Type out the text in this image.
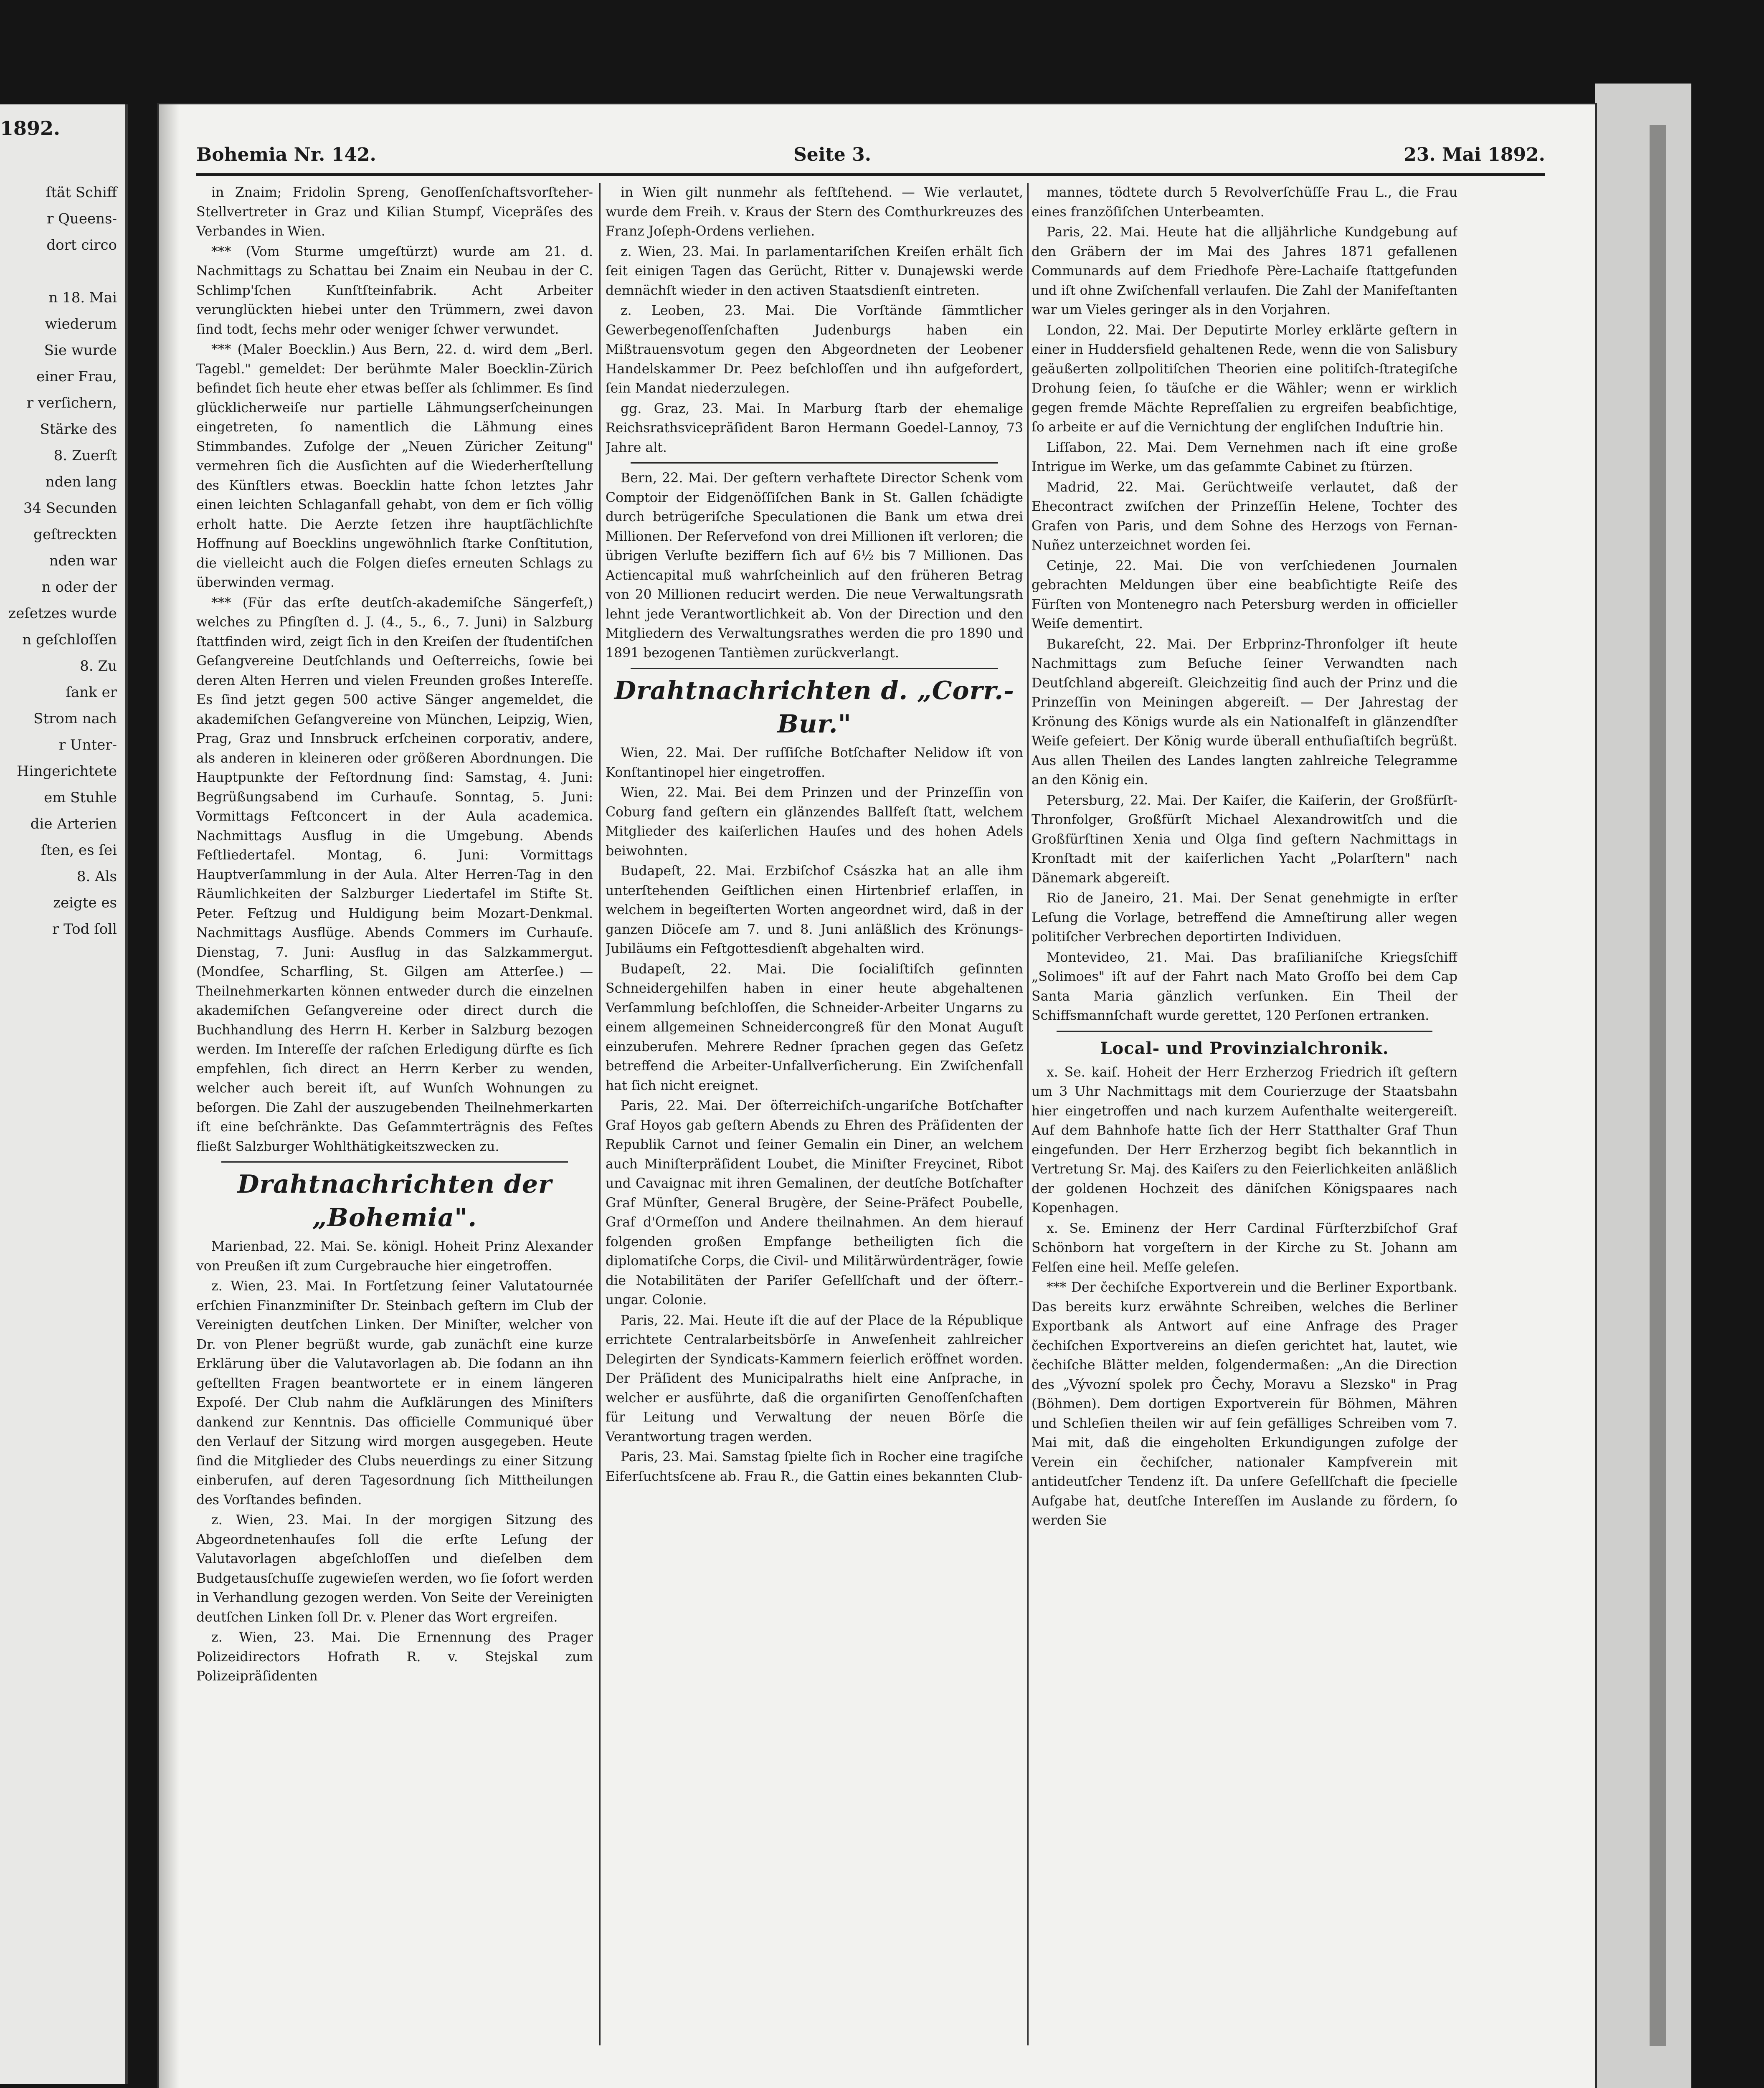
1892.
ſtät Schiff
r Queens-
dort circo

n 18. Mai
wiederum
Sie wurde
einer Frau,
r verſichern,
Stärke des
8. Zuerſt
nden lang
34 Secunden
geſtreckten
nden war
n oder der
zeſetzes wurde
n geſchloſſen
8. Zu
ſank er
Strom nach
r Unter-
Hingerichtete
em Stuhle
die Arterien
ſten, es ſei
8. Als
zeigte es
r Tod ſoll
Bohemia Nr. 142.	Seite 3.	23. Mai 1892.

in Znaim; Fridolin Spreng, Genoſſenſchaftsvorſteher-Stellvertreter in Graz und Kilian Stumpf, Vicepräſes des Verbandes in Wien.

*** (Vom Sturme umgeſtürzt) wurde am 21. d. Nachmittags zu Schattau bei Znaim ein Neubau in der C. Schlimp'ſchen Kunſtſteinfabrik. Acht Arbeiter verunglückten hiebei unter den Trümmern, zwei davon ſind todt, ſechs mehr oder weniger ſchwer verwundet.

*** (Maler Boecklin.) Aus Bern, 22. d. wird dem „Berl. Tagebl." gemeldet: Der berühmte Maler Boecklin-Zürich befindet ſich heute eher etwas beſſer als ſchlimmer. Es ſind glücklicherweiſe nur partielle Lähmungserſcheinungen eingetreten, ſo namentlich die Lähmung eines Stimmbandes. Zufolge der „Neuen Züricher Zeitung" vermehren ſich die Ausſichten auf die Wiederherſtellung des Künſtlers etwas. Boecklin hatte ſchon letztes Jahr einen leichten Schlaganfall gehabt, von dem er ſich völlig erholt hatte. Die Aerzte ſetzen ihre hauptſächlichſte Hoffnung auf Boecklins ungewöhnlich ſtarke Conſtitution, die vielleicht auch die Folgen dieſes erneuten Schlags zu überwinden vermag.

*** (Für das erſte deutſch-akademiſche Sängerfeſt,) welches zu Pfingſten d. J. (4., 5., 6., 7. Juni) in Salzburg ſtattfinden wird, zeigt ſich in den Kreiſen der ſtudentiſchen Geſangvereine Deutſchlands und Oeſterreichs, ſowie bei deren Alten Herren und vielen Freunden großes Intereſſe. Es ſind jetzt gegen 500 active Sänger angemeldet, die akademiſchen Geſangvereine von München, Leipzig, Wien, Prag, Graz und Innsbruck erſcheinen corporativ, andere, als anderen in kleineren oder größeren Abordnungen. Die Hauptpunkte der Feſtordnung ſind: Samstag, 4. Juni: Begrüßungsabend im Curhauſe. Sonntag, 5. Juni: Vormittags Feſtconcert in der Aula academica. Nachmittags Ausflug in die Umgebung. Abends Feſtliedertafel. Montag, 6. Juni: Vormittags Hauptverſammlung in der Aula. Alter Herren-Tag in den Räumlichkeiten der Salzburger Liedertafel im Stifte St. Peter. Feſtzug und Huldigung beim Mozart-Denkmal. Nachmittags Ausflüge. Abends Commers im Curhauſe. Dienstag, 7. Juni: Ausflug in das Salzkammergut. (Mondſee, Scharfling, St. Gilgen am Atterſee.) — Theilnehmerkarten können entweder durch die einzelnen akademiſchen Geſangvereine oder direct durch die Buchhandlung des Herrn H. Kerber in Salzburg bezogen werden. Im Intereſſe der raſchen Erledigung dürfte es ſich empfehlen, ſich direct an Herrn Kerber zu wenden, welcher auch bereit iſt, auf Wunſch Wohnungen zu beſorgen. Die Zahl der auszugebenden Theilnehmerkarten iſt eine beſchränkte. Das Geſammterträgnis des Feſtes fließt Salzburger Wohlthätigkeitszwecken zu.

Drahtnachrichten der „Bohemia".

Marienbad, 22. Mai. Se. königl. Hoheit Prinz Alexander von Preußen iſt zum Curgebrauche hier eingetroffen.

z. Wien, 23. Mai. In Fortſetzung ſeiner Valutatournée erſchien Finanzminiſter Dr. Steinbach geſtern im Club der Vereinigten deutſchen Linken. Der Miniſter, welcher von Dr. von Plener begrüßt wurde, gab zunächſt eine kurze Erklärung über die Valutavorlagen ab. Die ſodann an ihn geſtellten Fragen beantwortete er in einem längeren Expoſé. Der Club nahm die Aufklärungen des Miniſters dankend zur Kenntnis. Das officielle Communiqué über den Verlauf der Sitzung wird morgen ausgegeben. Heute ſind die Mitglieder des Clubs neuerdings zu einer Sitzung einberufen, auf deren Tagesordnung ſich Mittheilungen des Vorſtandes befinden.

z. Wien, 23. Mai. In der morgigen Sitzung des Abgeordnetenhauſes ſoll die erſte Leſung der Valutavorlagen abgeſchloſſen und dieſelben dem Budgetausſchuſſe zugewieſen werden, wo ſie ſofort werden in Verhandlung gezogen werden. Von Seite der Vereinigten deutſchen Linken ſoll Dr. v. Plener das Wort ergreifen.

z. Wien, 23. Mai. Die Ernennung des Prager Polizeidirectors Hofrath R. v. Stejskal zum Polizeipräſidenten

in Wien gilt nunmehr als feſtſtehend. — Wie verlautet, wurde dem Freih. v. Kraus der Stern des Comthurkreuzes des Franz Joſeph-Ordens verliehen.

z. Wien, 23. Mai. In parlamentariſchen Kreiſen erhält ſich ſeit einigen Tagen das Gerücht, Ritter v. Dunajewski werde demnächſt wieder in den activen Staatsdienſt eintreten.

z. Leoben, 23. Mai. Die Vorſtände ſämmtlicher Gewerbegenoſſenſchaften Judenburgs haben ein Mißtrauensvotum gegen den Abgeordneten der Leobener Handelskammer Dr. Peez beſchloſſen und ihn aufgefordert, ſein Mandat niederzulegen.

gg. Graz, 23. Mai. In Marburg ſtarb der ehemalige Reichsrathsvicepräſident Baron Hermann Goedel-Lannoy, 73 Jahre alt.

Bern, 22. Mai. Der geſtern verhaftete Director Schenk vom Comptoir der Eidgenöſſiſchen Bank in St. Gallen ſchädigte durch betrügeriſche Speculationen die Bank um etwa drei Millionen. Der Reſervefond von drei Millionen iſt verloren; die übrigen Verluſte beziffern ſich auf 6½ bis 7 Millionen. Das Actiencapital muß wahrſcheinlich auf den früheren Betrag von 20 Millionen reducirt werden. Die neue Verwaltungsrath lehnt jede Verantwortlichkeit ab. Von der Direction und den Mitgliedern des Verwaltungsrathes werden die pro 1890 und 1891 bezogenen Tantièmen zurückverlangt.

Drahtnachrichten d. „Corr.-Bur."

Wien, 22. Mai. Der ruſſiſche Botſchafter Nelidow iſt von Konſtantinopel hier eingetroffen.

Wien, 22. Mai. Bei dem Prinzen und der Prinzeſſin von Coburg fand geſtern ein glänzendes Ballfeſt ſtatt, welchem Mitglieder des kaiſerlichen Hauſes und des hohen Adels beiwohnten.

Budapeſt, 22. Mai. Erzbiſchof Császka hat an alle ihm unterſtehenden Geiſtlichen einen Hirtenbrief erlaſſen, in welchem in begeiſterten Worten angeordnet wird, daß in der ganzen Diöceſe am 7. und 8. Juni anläßlich des Krönungs-Jubiläums ein Feſtgottesdienſt abgehalten wird.

Budapeſt, 22. Mai. Die ſocialiſtiſch geſinnten Schneidergehilfen haben in einer heute abgehaltenen Verſammlung beſchloſſen, die Schneider-Arbeiter Ungarns zu einem allgemeinen Schneidercongreß für den Monat Auguſt einzuberufen. Mehrere Redner ſprachen gegen das Geſetz betreffend die Arbeiter-Unfallverſicherung. Ein Zwiſchenfall hat ſich nicht ereignet.

Paris, 22. Mai. Der öſterreichiſch-ungariſche Botſchafter Graf Hoyos gab geſtern Abends zu Ehren des Präſidenten der Republik Carnot und ſeiner Gemalin ein Diner, an welchem auch Miniſterpräſident Loubet, die Miniſter Freycinet, Ribot und Cavaignac mit ihren Gemalinen, der deutſche Botſchafter Graf Münſter, General Brugère, der Seine-Präfect Poubelle, Graf d'Ormeſſon und Andere theilnahmen. An dem hierauf folgenden großen Empfange betheiligten ſich die diplomatiſche Corps, die Civil- und Militärwürdenträger, ſowie die Notabilitäten der Pariſer Geſellſchaft und der öſterr.-ungar. Colonie.

Paris, 22. Mai. Heute iſt die auf der Place de la République errichtete Centralarbeitsbörſe in Anweſenheit zahlreicher Delegirten der Syndicats-Kammern feierlich eröffnet worden. Der Präſident des Municipalraths hielt eine Anſprache, in welcher er ausführte, daß die organiſirten Genoſſenſchaften für Leitung und Verwaltung der neuen Börſe die Verantwortung tragen werden.

Paris, 23. Mai. Samstag ſpielte ſich in Rocher eine tragiſche Eiferſuchtsſcene ab. Frau R., die Gattin eines bekannten Club-

mannes, tödtete durch 5 Revolverſchüſſe Frau L., die Frau eines franzöſiſchen Unterbeamten.

Paris, 22. Mai. Heute hat die alljährliche Kundgebung auf den Gräbern der im Mai des Jahres 1871 gefallenen Communards auf dem Friedhofe Père-Lachaiſe ſtattgefunden und iſt ohne Zwiſchenfall verlaufen. Die Zahl der Manifeſtanten war um Vieles geringer als in den Vorjahren.

London, 22. Mai. Der Deputirte Morley erklärte geſtern in einer in Huddersfield gehaltenen Rede, wenn die von Salisbury geäußerten zollpolitiſchen Theorien eine politiſch-ſtrategiſche Drohung ſeien, ſo täuſche er die Wähler; wenn er wirklich gegen fremde Mächte Repreſſalien zu ergreifen beabſichtige, ſo arbeite er auf die Vernichtung der engliſchen Induſtrie hin.

Liſſabon, 22. Mai. Dem Vernehmen nach iſt eine große Intrigue im Werke, um das geſammte Cabinet zu ſtürzen.

Madrid, 22. Mai. Gerüchtweiſe verlautet, daß der Ehecontract zwiſchen der Prinzeſſin Helene, Tochter des Grafen von Paris, und dem Sohne des Herzogs von Fernan-Nuñez unterzeichnet worden ſei.

Cetinje, 22. Mai. Die von verſchiedenen Journalen gebrachten Meldungen über eine beabſichtigte Reiſe des Fürſten von Montenegro nach Petersburg werden in officieller Weiſe dementirt.

Bukareſcht, 22. Mai. Der Erbprinz-Thronfolger iſt heute Nachmittags zum Beſuche ſeiner Verwandten nach Deutſchland abgereiſt. Gleichzeitig ſind auch der Prinz und die Prinzeſſin von Meiningen abgereiſt. — Der Jahrestag der Krönung des Königs wurde als ein Nationalfeſt in glänzendſter Weiſe gefeiert. Der König wurde überall enthuſiaſtiſch begrüßt. Aus allen Theilen des Landes langten zahlreiche Telegramme an den König ein.

Petersburg, 22. Mai. Der Kaiſer, die Kaiſerin, der Großfürſt-Thronfolger, Großfürſt Michael Alexandrowitſch und die Großfürſtinen Xenia und Olga ſind geſtern Nachmittags in Kronſtadt mit der kaiſerlichen Yacht „Polarſtern" nach Dänemark abgereiſt.

Rio de Janeiro, 21. Mai. Der Senat genehmigte in erſter Leſung die Vorlage, betreffend die Amneſtirung aller wegen politiſcher Verbrechen deportirten Individuen.

Montevideo, 21. Mai. Das braſilianiſche Kriegsſchiff „Solimoes" iſt auf der Fahrt nach Mato Groſſo bei dem Cap Santa Maria gänzlich verſunken. Ein Theil der Schiffsmannſchaft wurde gerettet, 120 Perſonen ertranken.

Local- und Provinzialchronik.

x. Se. kaiſ. Hoheit der Herr Erzherzog Friedrich iſt geſtern um 3 Uhr Nachmittags mit dem Courierzuge der Staatsbahn hier eingetroffen und nach kurzem Aufenthalte weitergereiſt. Auf dem Bahnhofe hatte ſich der Herr Statthalter Graf Thun eingefunden. Der Herr Erzherzog begibt ſich bekanntlich in Vertretung Sr. Maj. des Kaiſers zu den Feierlichkeiten anläßlich der goldenen Hochzeit des däniſchen Königspaares nach Kopenhagen.

x. Se. Eminenz der Herr Cardinal Fürſterzbiſchof Graf Schönborn hat vorgeſtern in der Kirche zu St. Johann am Felſen eine heil. Meſſe geleſen.

*** Der čechiſche Exportverein und die Berliner Exportbank. Das bereits kurz erwähnte Schreiben, welches die Berliner Exportbank als Antwort auf eine Anfrage des Prager čechiſchen Exportvereins an dieſen gerichtet hat, lautet, wie čechiſche Blätter melden, folgendermaßen: „An die Direction des „Vývozní spolek pro Čechy, Moravu a Slezsko" in Prag (Böhmen). Dem dortigen Exportverein für Böhmen, Mähren und Schleſien theilen wir auf ſein gefälliges Schreiben vom 7. Mai mit, daß die eingeholten Erkundigungen zufolge der Verein ein čechiſcher, nationaler Kampfverein mit antideutſcher Tendenz iſt. Da unſere Geſellſchaft die ſpecielle Aufgabe hat, deutſche Intereſſen im Auslande zu fördern, ſo werden Sie
